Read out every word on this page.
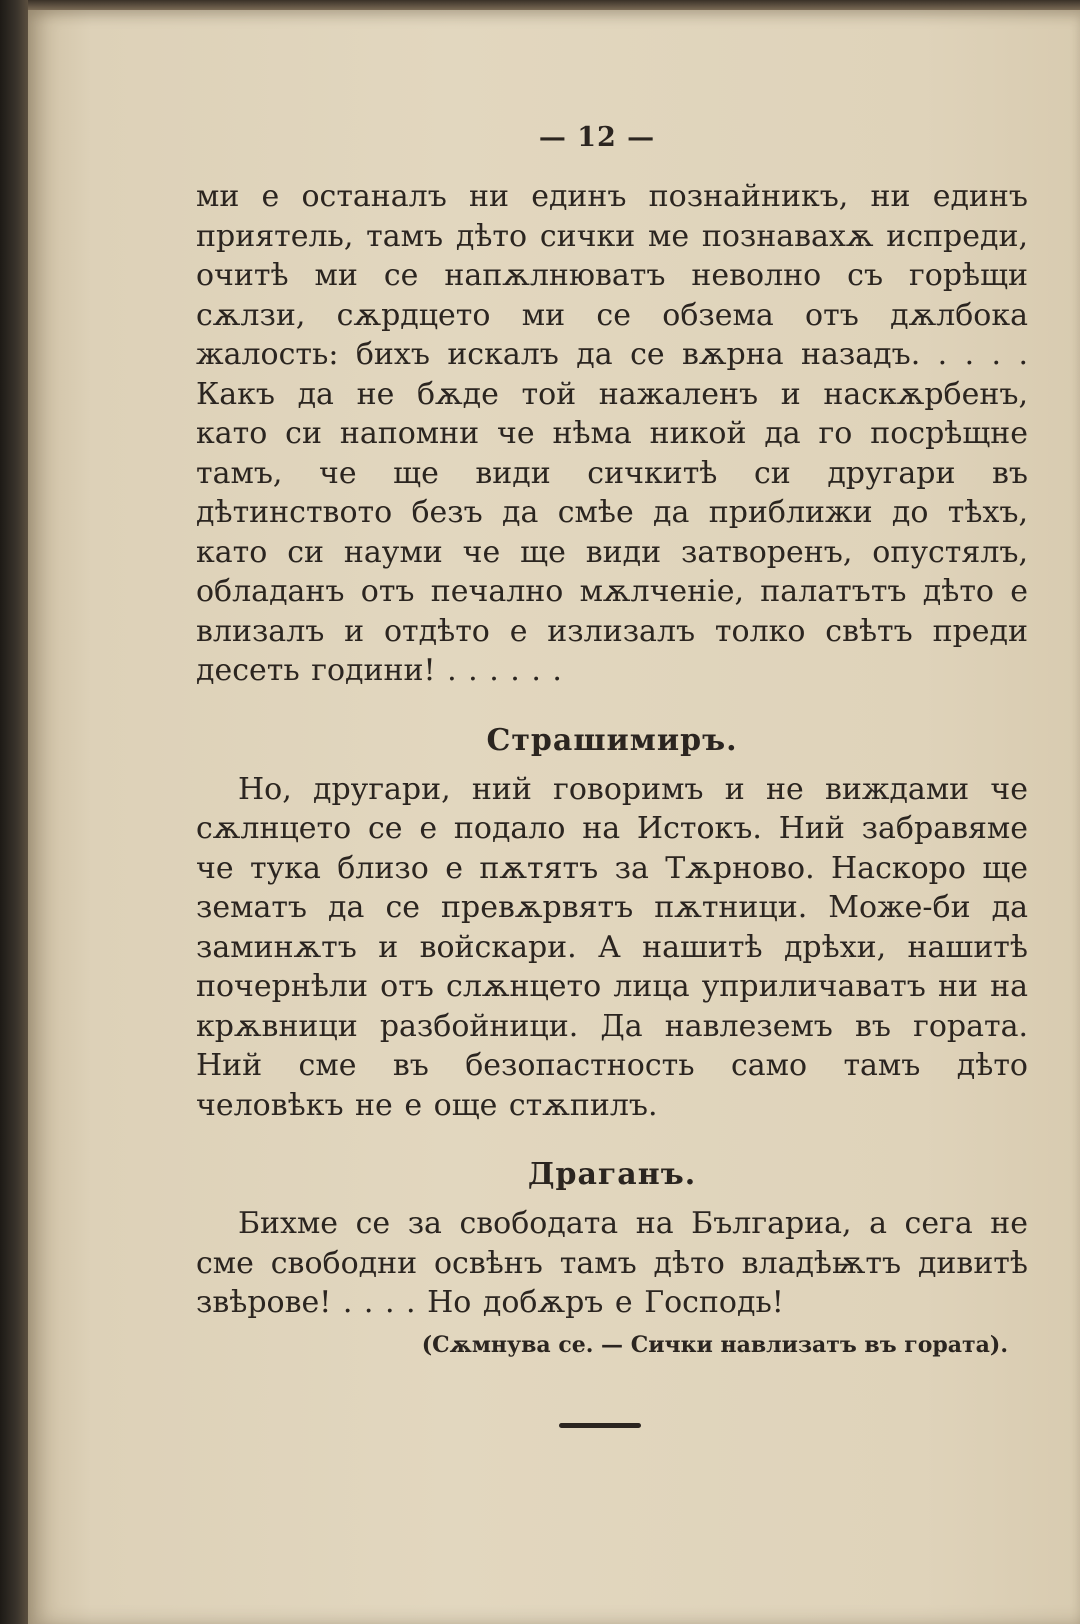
— 12 —

ми е останалъ ни единъ познайникъ, ни единъ приятель, тамъ дѣто сички ме познавахѫ испреди, очитѣ ми се напѫлнюватъ неволно съ горѣщи сѫлзи, сѫрдцето ми се обзема отъ дѫлбока жалость: бихъ искалъ да се вѫрна назадъ. . . . . Какъ да не бѫде той нажаленъ и наскѫрбенъ, като си напомни че нѣма никой да го посрѣщне тамъ, че ще види сичкитѣ си другари въ дѣтинството безъ да смѣе да приближи до тѣхъ, като си науми че ще види затворенъ, опустялъ, обладанъ отъ печално мѫлченіе, палатътъ дѣто е влизалъ и отдѣто е излизалъ толко свѣтъ преди десеть години! . . . . . .

Страшимиръ.

Но, другари, ний говоримъ и не виждами че сѫлнцето се е подало на Истокъ. Ний забравяме че тука близо е пѫтятъ за Тѫрново. Наскоро ще зематъ да се превѫрвятъ пѫтници. Може-би да заминѫтъ и войскари. А нашитѣ дрѣхи, нашитѣ почернѣли отъ слѫнцето лица уприличаватъ ни на крѫвници разбойници. Да навлеземъ въ гората. Ний сме въ безопастность само тамъ дѣто человѣкъ не е още стѫпилъ.

Драганъ.

Бихме се за свободата на Българиа, а сега не сме свободни освѣнъ тамъ дѣто владѣѭтъ дивитѣ звѣрове! . . . . Но добѫръ е Господь!

(Сѫмнува се. — Сички навлизатъ въ гората).
